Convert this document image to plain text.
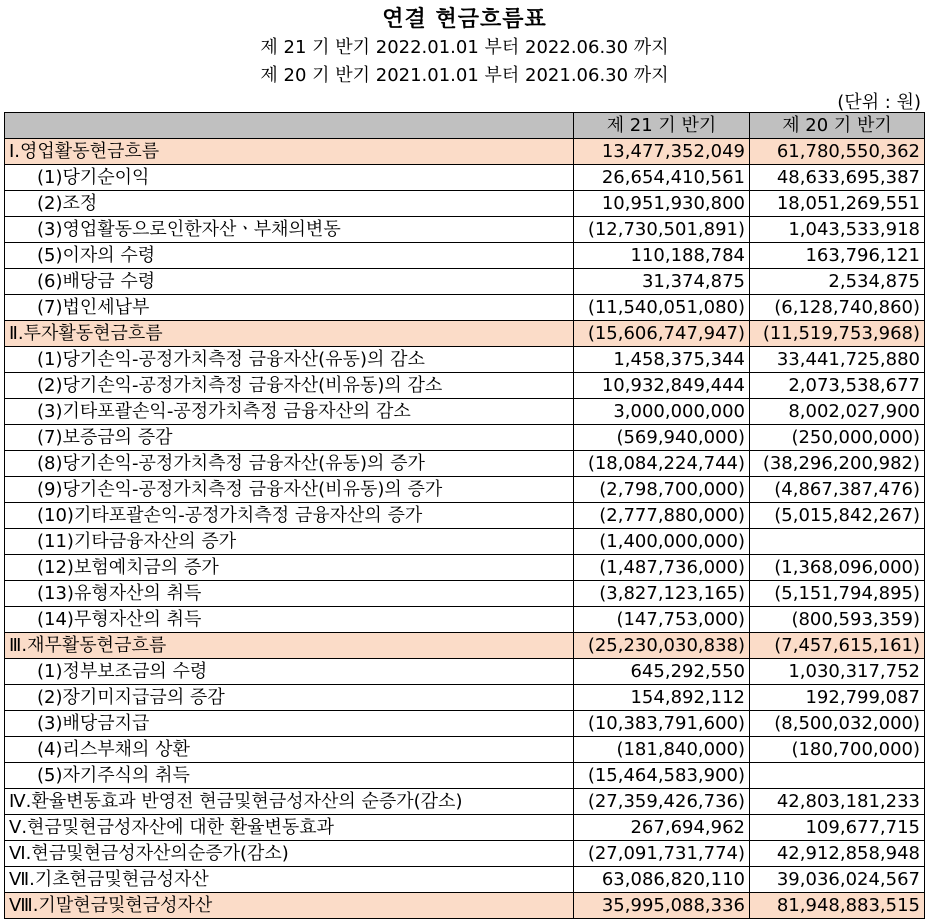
연결 현금흐름표
제 21 기 반기 2022.01.01 부터 2022.06.30 까지
제 20 기 반기 2021.01.01 부터 2021.06.30 까지
(단위 : 원)
	제 21 기 반기	제 20 기 반기
Ⅰ.영업활동현금흐름	13,477,352,049	61,780,550,362
(1)당기순이익	26,654,410,561	48,633,695,387
(2)조정	10,951,930,800	18,051,269,551
(3)영업활동으로인한자산ㆍ부채의변동	(12,730,501,891)	1,043,533,918
(5)이자의 수령	110,188,784	163,796,121
(6)배당금 수령	31,374,875	2,534,875
(7)법인세납부	(11,540,051,080)	(6,128,740,860)
Ⅱ.투자활동현금흐름	(15,606,747,947)	(11,519,753,968)
(1)당기손익-공정가치측정 금융자산(유동)의 감소	1,458,375,344	33,441,725,880
(2)당기손익-공정가치측정 금융자산(비유동)의 감소	10,932,849,444	2,073,538,677
(3)기타포괄손익-공정가치측정 금융자산의 감소	3,000,000,000	8,002,027,900
(7)보증금의 증감	(569,940,000)	(250,000,000)
(8)당기손익-공정가치측정 금융자산(유동)의 증가	(18,084,224,744)	(38,296,200,982)
(9)당기손익-공정가치측정 금융자산(비유동)의 증가	(2,798,700,000)	(4,867,387,476)
(10)기타포괄손익-공정가치측정 금융자산의 증가	(2,777,880,000)	(5,015,842,267)
(11)기타금융자산의 증가	(1,400,000,000)	
(12)보험예치금의 증가	(1,487,736,000)	(1,368,096,000)
(13)유형자산의 취득	(3,827,123,165)	(5,151,794,895)
(14)무형자산의 취득	(147,753,000)	(800,593,359)
Ⅲ.재무활동현금흐름	(25,230,030,838)	(7,457,615,161)
(1)정부보조금의 수령	645,292,550	1,030,317,752
(2)장기미지급금의 증감	154,892,112	192,799,087
(3)배당금지급	(10,383,791,600)	(8,500,032,000)
(4)리스부채의 상환	(181,840,000)	(180,700,000)
(5)자기주식의 취득	(15,464,583,900)	
Ⅳ.환율변동효과 반영전 현금및현금성자산의 순증가(감소)	(27,359,426,736)	42,803,181,233
Ⅴ.현금및현금성자산에 대한 환율변동효과	267,694,962	109,677,715
Ⅵ.현금및현금성자산의순증가(감소)	(27,091,731,774)	42,912,858,948
Ⅶ.기초현금및현금성자산	63,086,820,110	39,036,024,567
Ⅷ.기말현금및현금성자산	35,995,088,336	81,948,883,515
